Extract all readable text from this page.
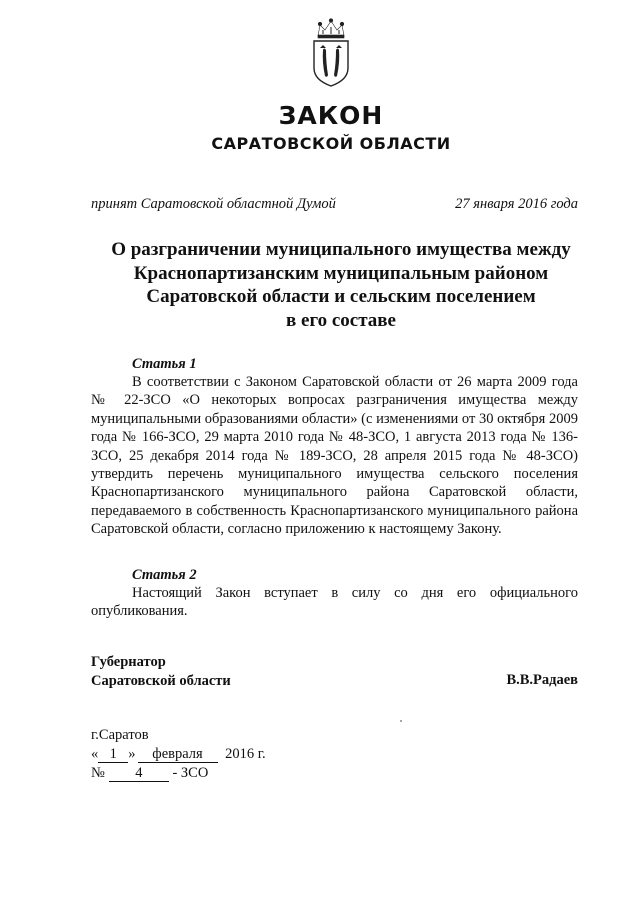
ЗАКОН
САРАТОВСКОЙ ОБЛАСТИ
принят Саратовской областной Думой	27 января 2016 года
О разграничении муниципального имущества между
Краснопартизанским муниципальным районом
Саратовской области и сельским поселением
в его составе
Статья 1

В соответствии с Законом Саратовской области от 26 марта 2009 года № 22-ЗСО «О некоторых вопросах разграничения имущества между муниципальными образованиями области» (с изменениями от 30 октября 2009 года № 166-ЗСО, 29 марта 2010 года № 48-ЗСО, 1 августа 2013 года № 136-ЗСО, 25 декабря 2014 года № 189-ЗСО, 28 апреля 2015 года № 48-ЗСО) утвердить перечень муниципального имущества сельского поселения Краснопартизанского муниципального района Саратовской области, передаваемого в собственность Краснопартизанского муниципального района Саратовской области, согласно приложению к настоящему Закону.

Статья 2

Настоящий Закон вступает в силу со дня его официального опубликования.

Губернатор
Саратовской области	В.В.Радаев
г.Саратов
« 1 » февраля 2016 г.
№ 4 - ЗСО
